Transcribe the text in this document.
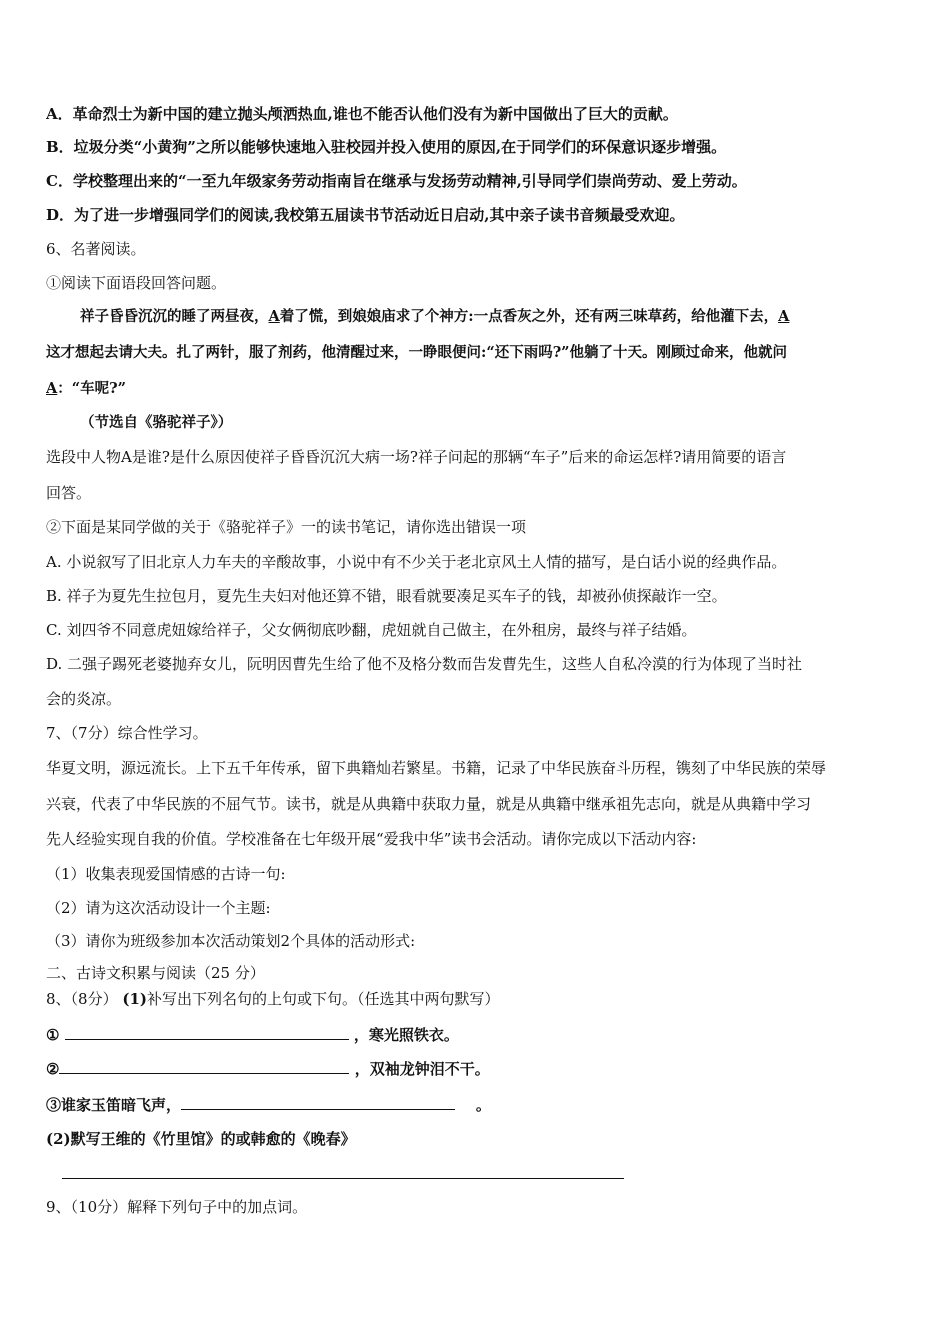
A．革命烈士为新中国的建立抛头颅洒热血,谁也不能否认他们没有为新中国做出了巨大的贡献。
B．垃圾分类“小黄狗”之所以能够快速地入驻校园并投入使用的原因,在于同学们的环保意识逐步增强。
C．学校整理出来的“一至九年级家务劳动指南旨在继承与发扬劳动精神,引导同学们崇尚劳动、爱上劳动。
D．为了进一步增强同学们的阅读,我校第五届读书节活动近日启动,其中亲子读书音频最受欢迎。
6、名著阅读。
①阅读下面语段回答问题。
祥子昏昏沉沉的睡了两昼夜，A着了慌，到娘娘庙求了个神方:一点香灰之外，还有两三味草药，给他灌下去，A
这才想起去请大夫。扎了两针，服了剂药，他清醒过来，一睁眼便问:“还下雨吗?”他躺了十天。刚顾过命来，他就问
A：“车呢?”
（节选自《骆驼祥子》）
选段中人物A是谁?是什么原因使祥子昏昏沉沉大病一场?祥子问起的那辆“车子”后来的命运怎样?请用简要的语言
回答。
②下面是某同学做的关于《骆驼祥子》一的读书笔记，请你选出错误一项
A. 小说叙写了旧北京人力车夫的辛酸故事，小说中有不少关于老北京风土人情的描写，是白话小说的经典作品。
B. 祥子为夏先生拉包月，夏先生夫妇对他还算不错，眼看就要凑足买车子的钱，却被孙侦探敲诈一空。
C. 刘四爷不同意虎妞嫁给祥子，父女俩彻底吵翻，虎妞就自己做主，在外租房，最终与祥子结婚。
D. 二强子踢死老婆抛弃女儿，阮明因曹先生给了他不及格分数而告发曹先生，这些人自私冷漠的行为体现了当时社
会的炎凉。
7、（7分）综合性学习。
华夏文明，源远流长。上下五千年传承，留下典籍灿若繁星。书籍，记录了中华民族奋斗历程，镌刻了中华民族的荣辱
兴衰，代表了中华民族的不屈气节。读书，就是从典籍中获取力量，就是从典籍中继承祖先志向，就是从典籍中学习
先人经验实现自我的价值。学校准备在七年级开展“爱我中华”读书会活动。请你完成以下活动内容:
（1）收集表现爱国情感的古诗一句:
（2）请为这次活动设计一个主题:
（3）请你为班级参加本次活动策划2个具体的活动形式:
二、古诗文积累与阅读（25 分）
8、（8分） (1)补写出下列名句的上句或下句。（任选其中两句默写）
①	，寒光照铁衣。
②	，双袖龙钟泪不干。
③谁家玉笛暗飞声，	。
(2)默写王维的《竹里馆》的或韩愈的《晚春》
9、（10分）解释下列句子中的加点词。
